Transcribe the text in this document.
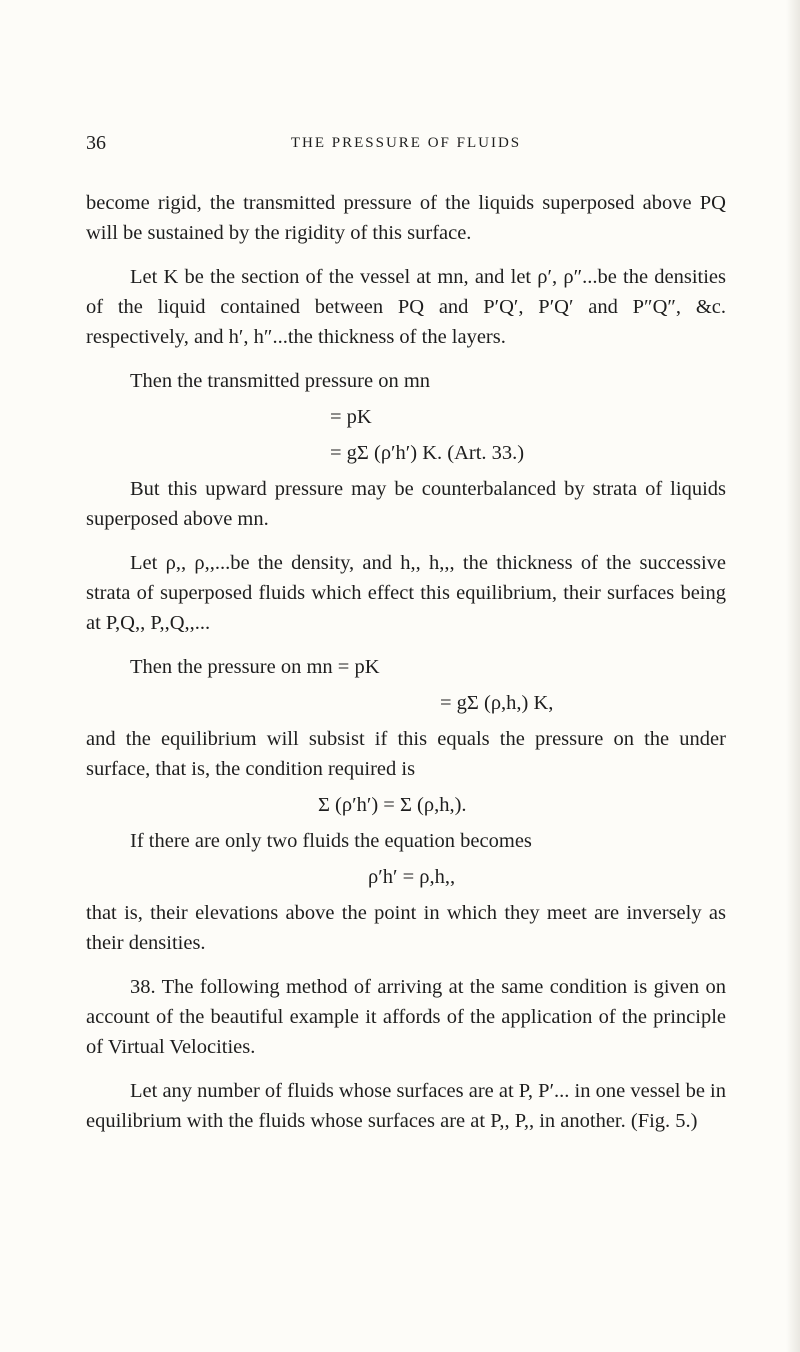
36	THE PRESSURE OF FLUIDS

become rigid, the transmitted pressure of the liquids superposed above PQ will be sustained by the rigidity of this surface.

Let K be the section of the vessel at mn, and let ρ′, ρ″...be the densities of the liquid contained between PQ and P′Q′, P′Q′ and P″Q″, &c. respectively, and h′, h″...the thickness of the layers.

Then the transmitted pressure on mn

= pK
= gΣ (ρ′h′) K. (Art. 33.)

But this upward pressure may be counterbalanced by strata of liquids superposed above mn.

Let ρ,, ρ,,...be the density, and h,, h,,, the thickness of the successive strata of superposed fluids which effect this equilibrium, their surfaces being at P,Q,, P,,Q,,...

Then the pressure on mn = pK

= gΣ (ρ,h,) K,

and the equilibrium will subsist if this equals the pressure on the under surface, that is, the condition required is

Σ (ρ′h′) = Σ (ρ,h,).

If there are only two fluids the equation becomes

ρ′h′ = ρ,h,,

that is, their elevations above the point in which they meet are inversely as their densities.

38. The following method of arriving at the same condition is given on account of the beautiful example it affords of the application of the principle of Virtual Velocities.

Let any number of fluids whose surfaces are at P, P′... in one vessel be in equilibrium with the fluids whose surfaces are at P,, P,, in another. (Fig. 5.)
